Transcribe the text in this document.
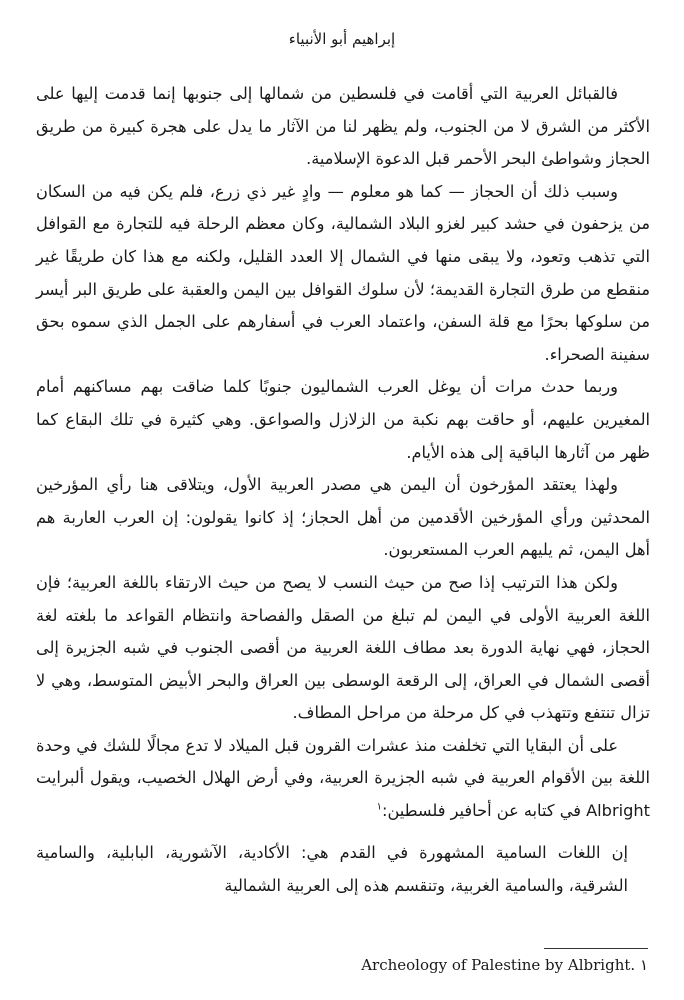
إبراهيم أبو الأنبياء

فالقبائل العربية التي أقامت في فلسطين من شمالها إلى جنوبها إنما قدمت إليها على الأكثر من الشرق لا من الجنوب، ولم يظهر لنا من الآثار ما يدل على هجرة كبيرة من طريق الحجاز وشواطئ البحر الأحمر قبل الدعوة الإسلامية.

وسبب ذلك أن الحجاز — كما هو معلوم — وادٍ غير ذي زرع، فلم يكن فيه من السكان من يزحفون في حشد كبير لغزو البلاد الشمالية، وكان معظم الرحلة فيه للتجارة مع القوافل التي تذهب وتعود، ولا يبقى منها في الشمال إلا العدد القليل، ولكنه مع هذا كان طريقًا غير منقطع من طرق التجارة القديمة؛ لأن سلوك القوافل بين اليمن والعقبة على طريق البر أيسر من سلوكها بحرًا مع قلة السفن، واعتماد العرب في أسفارهم على الجمل الذي سموه بحق سفينة الصحراء.

وربما حدث مرات أن يوغل العرب الشماليون جنوبًا كلما ضاقت بهم مساكنهم أمام المغيرين عليهم، أو حاقت بهم نكبة من الزلازل والصواعق. وهي كثيرة في تلك البقاع كما ظهر من آثارها الباقية إلى هذه الأيام.

ولهذا يعتقد المؤرخون أن اليمن هي مصدر العربية الأول، ويتلاقى هنا رأي المؤرخين المحدثين ورأي المؤرخين الأقدمين من أهل الحجاز؛ إذ كانوا يقولون: إن العرب العاربة هم أهل اليمن، ثم يليهم العرب المستعربون.

ولكن هذا الترتيب إذا صح من حيث النسب لا يصح من حيث الارتقاء باللغة العربية؛ فإن اللغة العربية الأولى في اليمن لم تبلغ من الصقل والفصاحة وانتظام القواعد ما بلغته لغة الحجاز، فهي نهاية الدورة بعد مطاف اللغة العربية من أقصى الجنوب في شبه الجزيرة إلى أقصى الشمال في العراق، إلى الرقعة الوسطى بين العراق والبحر الأبيض المتوسط، وهي لا تزال تنتفع وتتهذب في كل مرحلة من مراحل المطاف.

على أن البقايا التي تخلفت منذ عشرات القرون قبل الميلاد لا تدع مجالًا للشك في وحدة اللغة بين الأقوام العربية في شبه الجزيرة العربية، وفي أرض الهلال الخصيب، ويقول ألبرايت Albright في كتابه عن أحافير فلسطين:$^١$

إن اللغات السامية المشهورة في القدم هي: الأكادية، الآشورية، البابلية، والسامية الشرقية، والسامية الغربية، وتنقسم هذه إلى العربية الشمالية

١ Archeology of Palestine by Albright.
